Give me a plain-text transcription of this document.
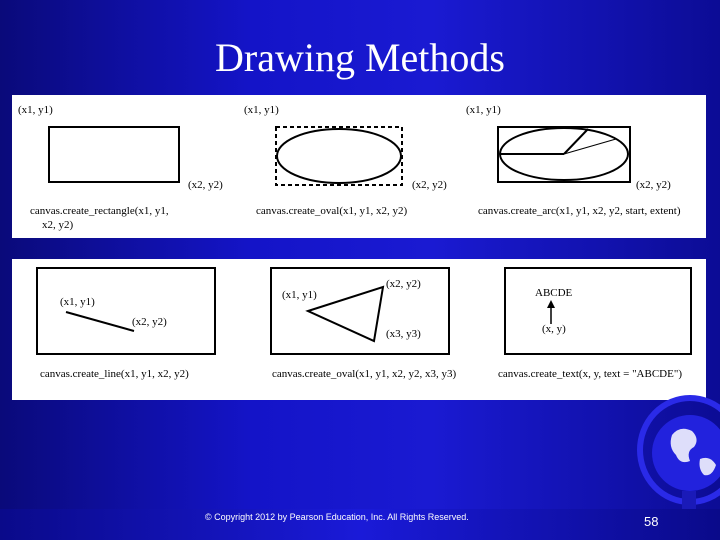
Drawing Methods
(x1, y1)
(x2, y2)
canvas.create_rectangle(x1, y1,
x2, y2)
(x1, y1)
(x2, y2)
canvas.create_oval(x1, y1, x2, y2)
(x1, y1)
(x2, y2)
canvas.create_arc(x1, y1, x2, y2, start, extent)
(x1, y1)
(x2, y2)
canvas.create_line(x1, y1, x2, y2)
(x2, y2)
(x1, y1)
(x3, y3)
canvas.create_oval(x1, y1, x2, y2, x3, y3)
ABCDE
(x, y)
canvas.create_text(x, y, text = "ABCDE")
© Copyright 2012 by Pearson Education, Inc. All Rights Reserved.	58
